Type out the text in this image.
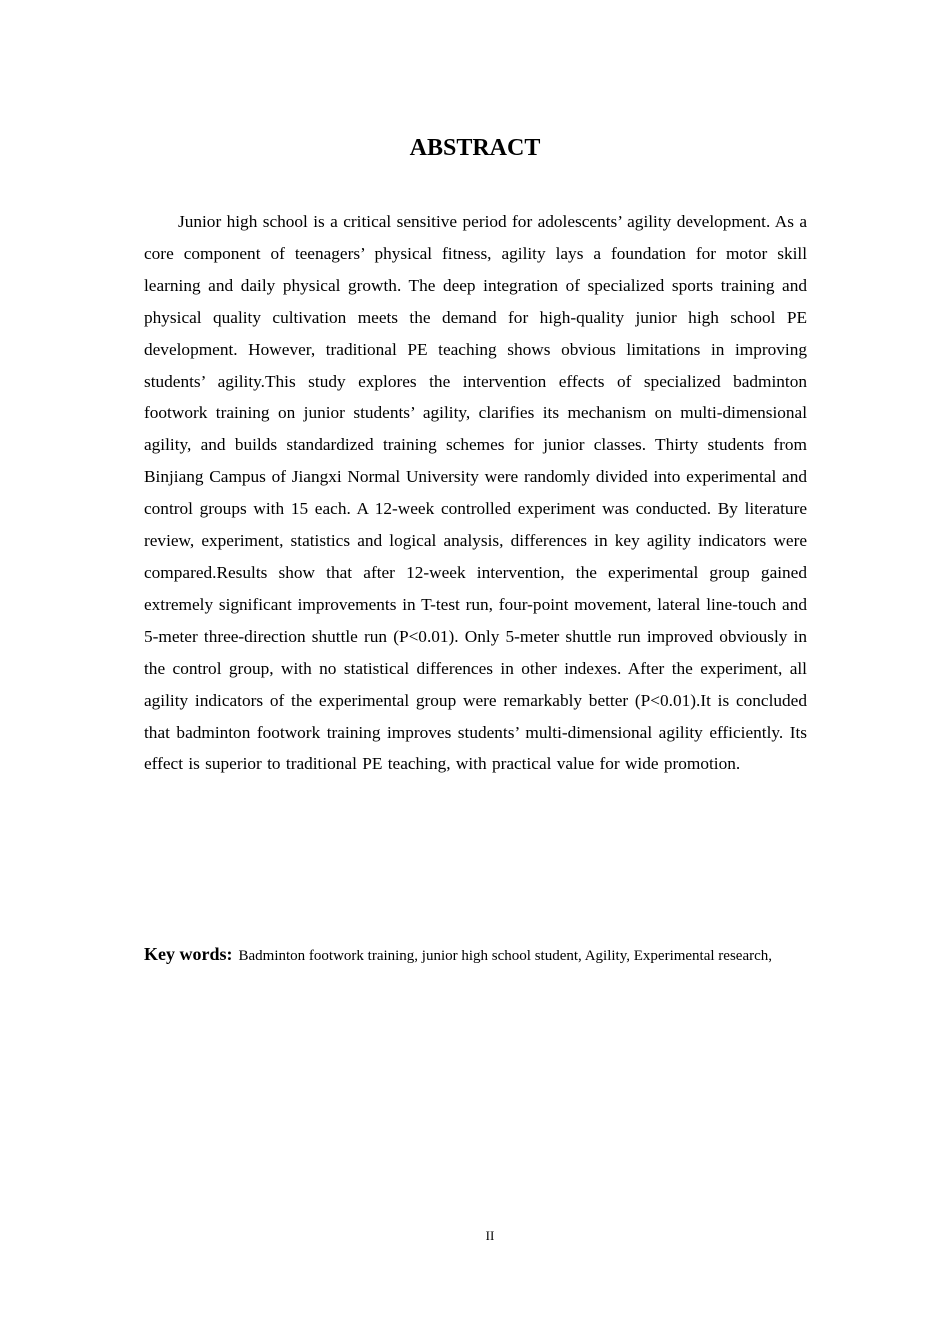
ABSTRACT

Junior high school is a critical sensitive period for adolescents’ agility development. As a core component of teenagers’ physical fitness, agility lays a foundation for motor skill learning and daily physical growth. The deep integration of specialized sports training and physical quality cultivation meets the demand for high-quality junior high school PE development. However, traditional PE teaching shows obvious limitations in improving students’ agility.This study explores the intervention effects of specialized badminton footwork training on junior students’ agility, clarifies its mechanism on multi-dimensional agility, and builds standardized training schemes for junior classes. Thirty students from Binjiang Campus of Jiangxi Normal University were randomly divided into experimental and control groups with 15 each. A 12-week controlled experiment was conducted. By literature review, experiment, statistics and logical analysis, differences in key agility indicators were compared.Results show that after 12-week intervention, the experimental group gained extremely significant improvements in T-test run, four-point movement, lateral line-touch and 5-meter three-direction shuttle run (P<0.01). Only 5-meter shuttle run improved obviously in the control group, with no statistical differences in other indexes. After the experiment, all agility indicators of the experimental group were remarkably better (P<0.01).It is concluded that badminton footwork training improves students’ multi-dimensional agility efficiently. Its effect is superior to traditional PE teaching, with practical value for wide promotion.

Key words: Badminton footwork training, junior high school student, Agility, Experimental research,
II
